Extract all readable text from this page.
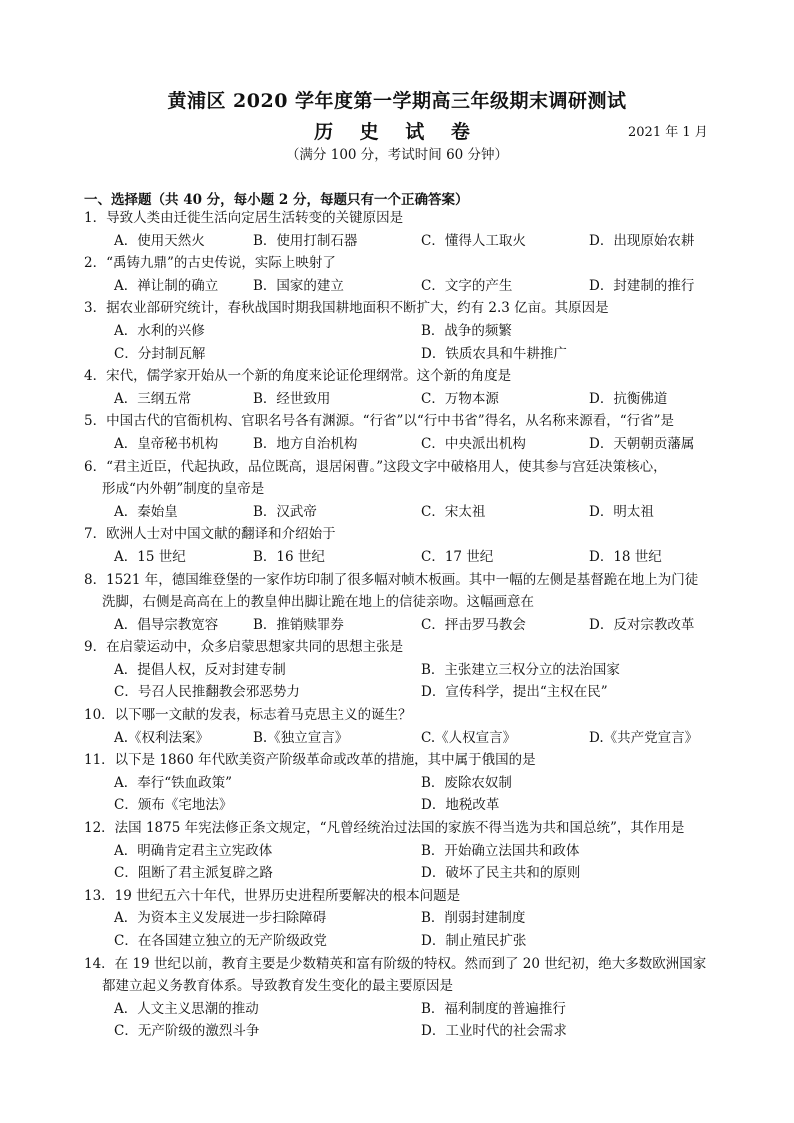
黄浦区 2020 学年度第一学期高三年级期末调研测试
历 史 试 卷	2021 年 1 月
（满分 100 分，考试时间 60 分钟）
一、选择题（共 40 分，每小题 2 分，每题只有一个正确答案）
1．导致人类由迁徙生活向定居生活转变的关键原因是
A．使用天然火	B．使用打制石器	C．懂得人工取火	D．出现原始农耕
2．“禹铸九鼎”的古史传说，实际上映射了
A．禅让制的确立	B．国家的建立	C．文字的产生	D．封建制的推行
3．据农业部研究统计，春秋战国时期我国耕地面积不断扩大，约有 2.3 亿亩。其原因是
A．水利的兴修	B．战争的频繁
C．分封制瓦解	D．铁质农具和牛耕推广
4．宋代，儒学家开始从一个新的角度来论证伦理纲常。这个新的角度是
A．三纲五常	B．经世致用	C．万物本源	D．抗衡佛道
5．中国古代的官衙机构、官职名号各有渊源。“行省”以“行中书省”得名，从名称来源看，“行省”是
A．皇帝秘书机构	B．地方自治机构	C．中央派出机构	D．天朝朝贡藩属
6．“君主近臣，代起执政，品位既高，退居闲曹。”这段文字中破格用人，使其参与宫廷决策核心，
形成“内外朝”制度的皇帝是
A．秦始皇	B．汉武帝	C．宋太祖	D．明太祖
7．欧洲人士对中国文献的翻译和介绍始于
A．15 世纪	B．16 世纪	C．17 世纪	D．18 世纪
8．1521 年，德国维登堡的一家作坊印制了很多幅对帧木板画。其中一幅的左侧是基督跪在地上为门徒
洗脚，右侧是高高在上的教皇伸出脚让跪在地上的信徒亲吻。这幅画意在
A．倡导宗教宽容	B．推销赎罪券	C．抨击罗马教会	D．反对宗教改革
9．在启蒙运动中，众多启蒙思想家共同的思想主张是
A．提倡人权，反对封建专制	B．主张建立三权分立的法治国家
C．号召人民推翻教会邪恶势力	D．宣传科学，提出“主权在民”
10．以下哪一文献的发表，标志着马克思主义的诞生？
A.《权利法案》	B.《独立宣言》	C.《人权宣言》	D.《共产党宣言》
11．以下是 1860 年代欧美资产阶级革命或改革的措施，其中属于俄国的是
A．奉行“铁血政策”	B．废除农奴制
C．颁布《宅地法》	D．地税改革
12．法国 1875 年宪法修正条文规定，“凡曾经统治过法国的家族不得当选为共和国总统”，其作用是
A．明确肯定君主立宪政体	B．开始确立法国共和政体
C．阻断了君主派复辟之路	D．破坏了民主共和的原则
13．19 世纪五六十年代，世界历史进程所要解决的根本问题是
A．为资本主义发展进一步扫除障碍	B．削弱封建制度
C．在各国建立独立的无产阶级政党	D．制止殖民扩张
14．在 19 世纪以前，教育主要是少数精英和富有阶级的特权。然而到了 20 世纪初，绝大多数欧洲国家
都建立起义务教育体系。导致教育发生变化的最主要原因是
A．人文主义思潮的推动	B．福利制度的普遍推行
C．无产阶级的激烈斗争	D．工业时代的社会需求
